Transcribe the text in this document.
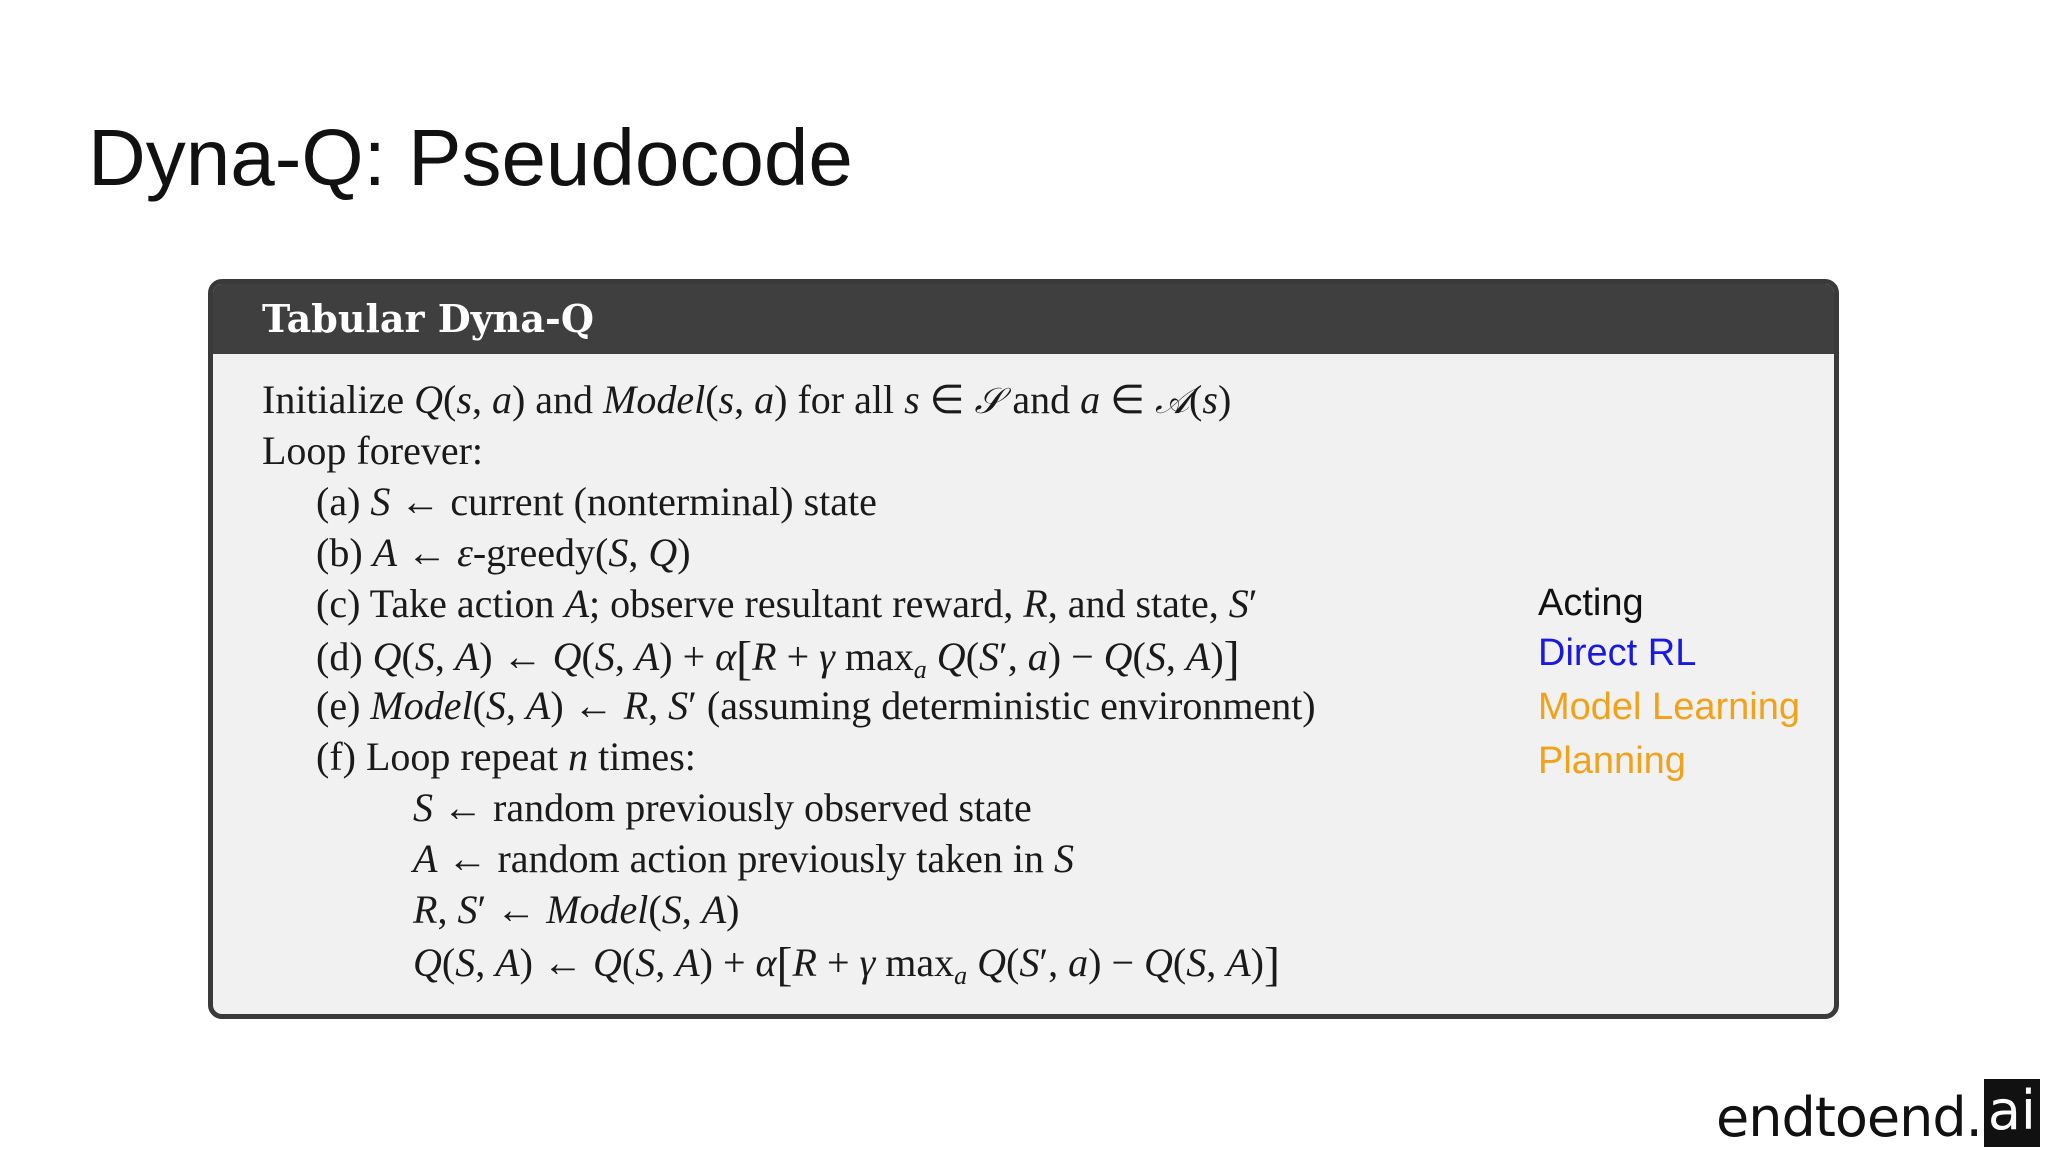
Dyna-Q: Pseudocode
Tabular Dyna-Q
Initialize Q(s, a) and Model(s, a) for all s ∈ 𝒮 and a ∈ 𝒜(s)
Loop forever:
(a) S ← current (nonterminal) state
(b) A ← ε-greedy(S, Q)
(c) Take action A; observe resultant reward, R, and state, S′
(d) Q(S, A) ← Q(S, A) + α[R + γ $\max_a Q(S'$, a) − Q(S, A)]
(e) Model(S, A) ← R, S′ (assuming deterministic environment)
(f) Loop repeat n times:
S ← random previously observed state
A ← random action previously taken in S
R, S′ ← Model(S, A)
Q(S, A) ← Q(S, A) + α[R + γ $\max_a Q(S'$, a) − Q(S, A)]
Acting
Direct RL
Model Learning
Planning
endtoend. ai
